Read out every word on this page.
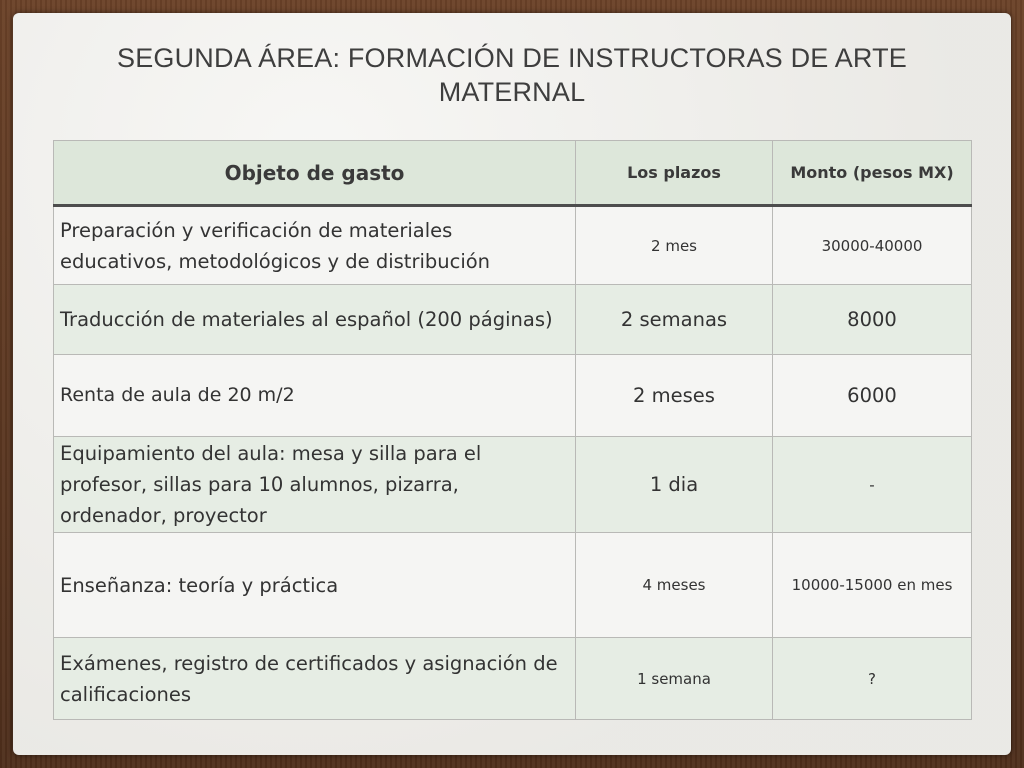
SEGUNDA ÁREA: FORMACIÓN DE INSTRUCTORAS DE ARTE
MATERNAL
Objeto de gasto	Los plazos	Monto (pesos MX)
Preparación y verificación de materiales educativos, metodológicos y de distribución	2 mes	30000-40000
Traducción de materiales al español (200 páginas)	2 semanas	8000
Renta de aula de 20 m/2	2 meses	6000
Equipamiento del aula: mesa y silla para el profesor, sillas para 10 alumnos, pizarra, ordenador, proyector	1 dia	-
Enseñanza: teoría y práctica	4 meses	10000-15000 en mes
Exámenes, registro de certificados y asignación de calificaciones	1 semana	?
